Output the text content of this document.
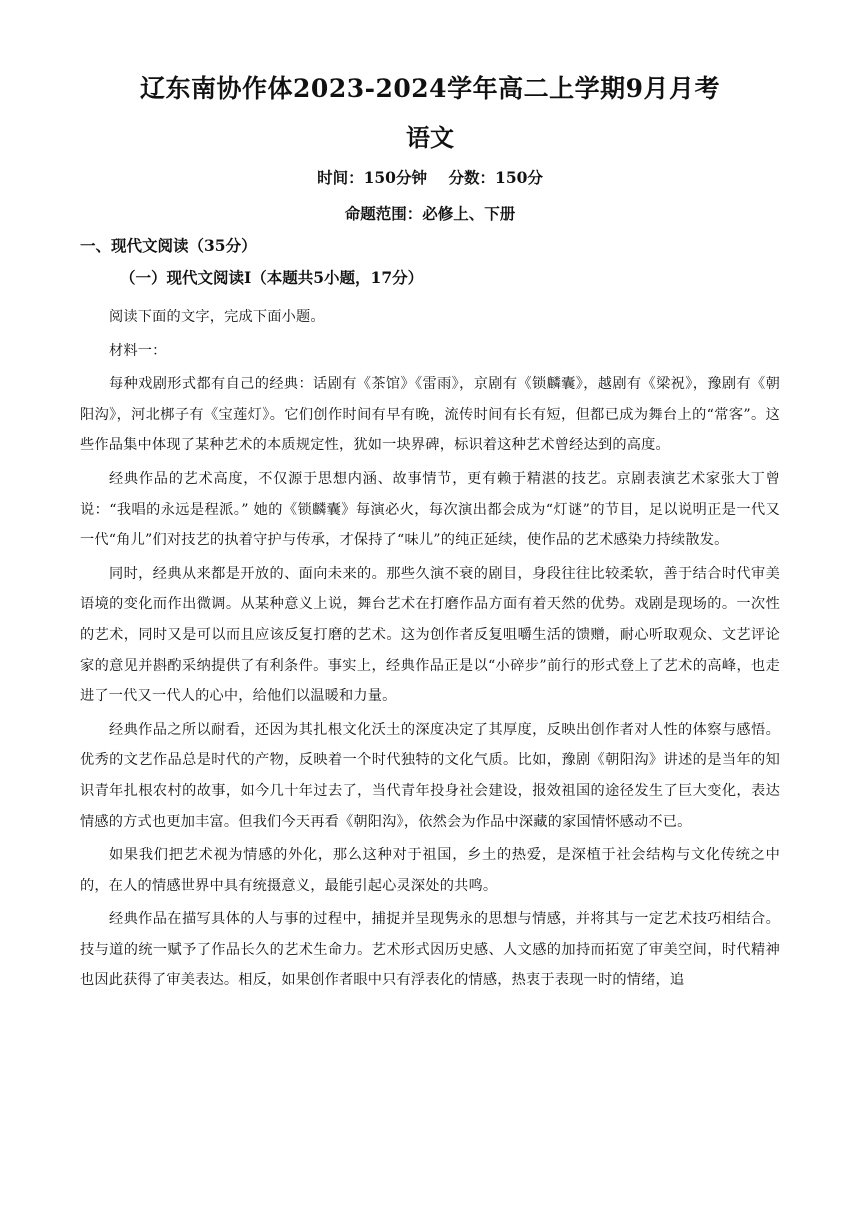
辽东南协作体2023-2024学年高二上学期9月月考
语文
时间：150分钟    分数：150分
命题范围：必修上、下册
一、现代文阅读（35分）
（一）现代文阅读Ⅰ（本题共5小题，17分）

阅读下面的文字，完成下面小题。

材料一：

每种戏剧形式都有自己的经典：话剧有《茶馆》《雷雨》，京剧有《锁麟囊》，越剧有《梁祝》，豫剧有《朝阳沟》，河北梆子有《宝莲灯》。它们创作时间有早有晚，流传时间有长有短，但都已成为舞台上的“常客”。这些作品集中体现了某种艺术的本质规定性，犹如一块界碑，标识着这种艺术曾经达到的高度。

经典作品的艺术高度，不仅源于思想内涵、故事情节，更有赖于精湛的技艺。京剧表演艺术家张大丁曾说：“我唱的永远是程派。” 她的《锁麟囊》每演必火，每次演出都会成为“灯谜”的节目，足以说明正是一代又一代“角儿”们对技艺的执着守护与传承，才保持了“味儿”的纯正延续，使作品的艺术感染力持续散发。

同时，经典从来都是开放的、面向未来的。那些久演不衰的剧目，身段往往比较柔软，善于结合时代审美语境的变化而作出微调。从某种意义上说，舞台艺术在打磨作品方面有着天然的优势。戏剧是现场的。一次性的艺术，同时又是可以而且应该反复打磨的艺术。这为创作者反复咀嚼生活的馈赠，耐心听取观众、文艺评论家的意见并斟酌采纳提供了有利条件。事实上，经典作品正是以“小碎步”前行的形式登上了艺术的高峰，也走进了一代又一代人的心中，给他们以温暖和力量。

经典作品之所以耐看，还因为其扎根文化沃土的深度决定了其厚度，反映出创作者对人性的体察与感悟。优秀的文艺作品总是时代的产物，反映着一个时代独特的文化气质。比如，豫剧《朝阳沟》讲述的是当年的知识青年扎根农村的故事，如今几十年过去了，当代青年投身社会建设，报效祖国的途径发生了巨大变化，表达情感的方式也更加丰富。但我们今天再看《朝阳沟》，依然会为作品中深藏的家国情怀感动不已。

如果我们把艺术视为情感的外化，那么这种对于祖国，乡土的热爱，是深植于社会结构与文化传统之中的，在人的情感世界中具有统摄意义，最能引起心灵深处的共鸣。

经典作品在描写具体的人与事的过程中，捕捉并呈现隽永的思想与情感，并将其与一定艺术技巧相结合。技与道的统一赋予了作品长久的艺术生命力。艺术形式因历史感、人文感的加持而拓宽了审美空间，时代精神也因此获得了审美表达。相反，如果创作者眼中只有浮表化的情感，热衷于表现一时的情绪，追
